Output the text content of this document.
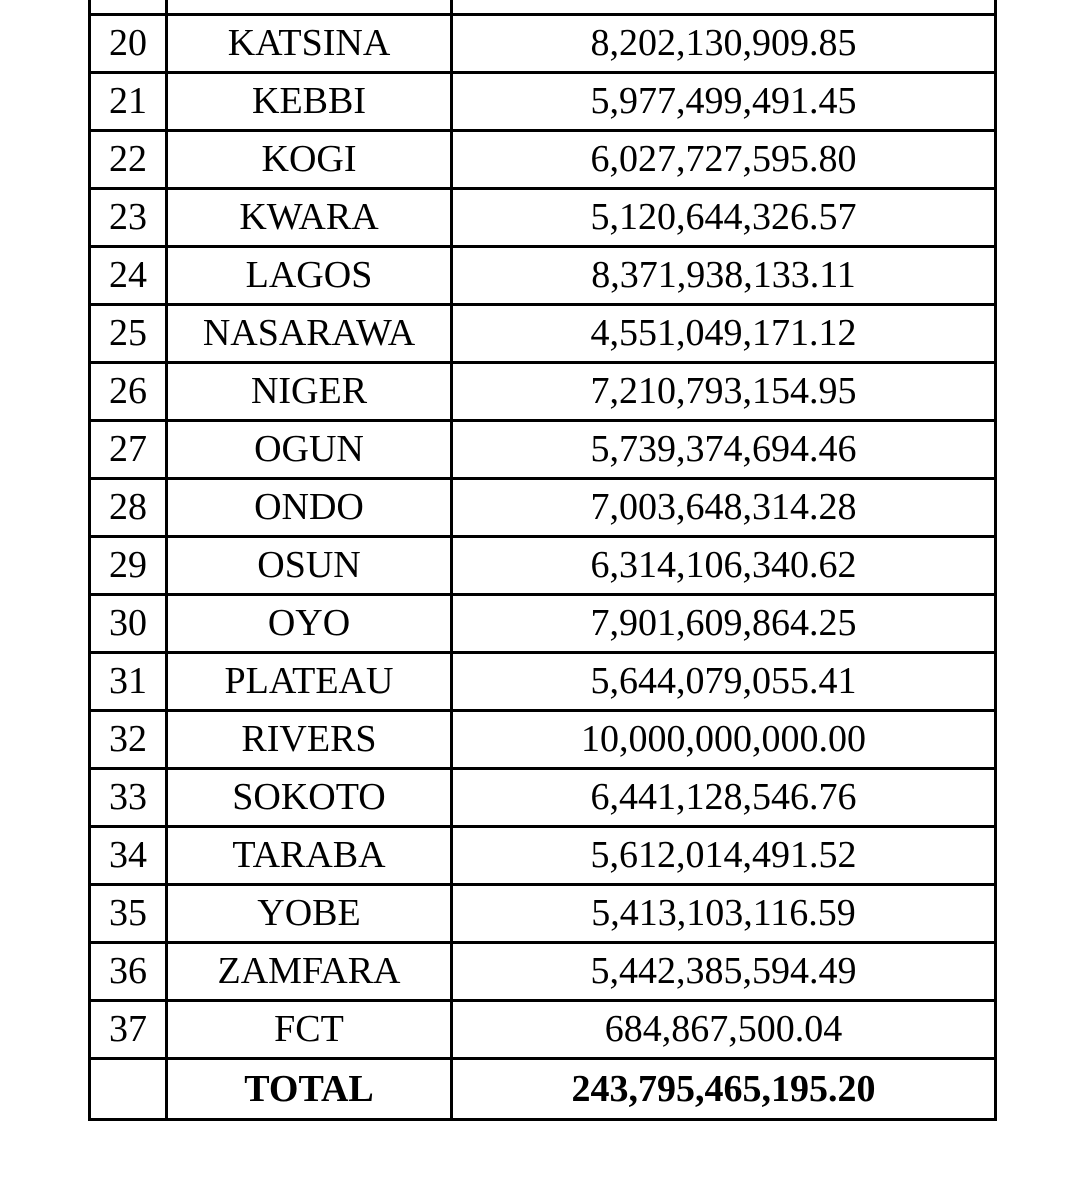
20	KATSINA	8,202,130,909.85
21	KEBBI	5,977,499,491.45
22	KOGI	6,027,727,595.80
23	KWARA	5,120,644,326.57
24	LAGOS	8,371,938,133.11
25	NASARAWA	4,551,049,171.12
26	NIGER	7,210,793,154.95
27	OGUN	5,739,374,694.46
28	ONDO	7,003,648,314.28
29	OSUN	6,314,106,340.62
30	OYO	7,901,609,864.25
31	PLATEAU	5,644,079,055.41
32	RIVERS	10,000,000,000.00
33	SOKOTO	6,441,128,546.76
34	TARABA	5,612,014,491.52
35	YOBE	5,413,103,116.59
36	ZAMFARA	5,442,385,594.49
37	FCT	684,867,500.04
	TOTAL	243,795,465,195.20
